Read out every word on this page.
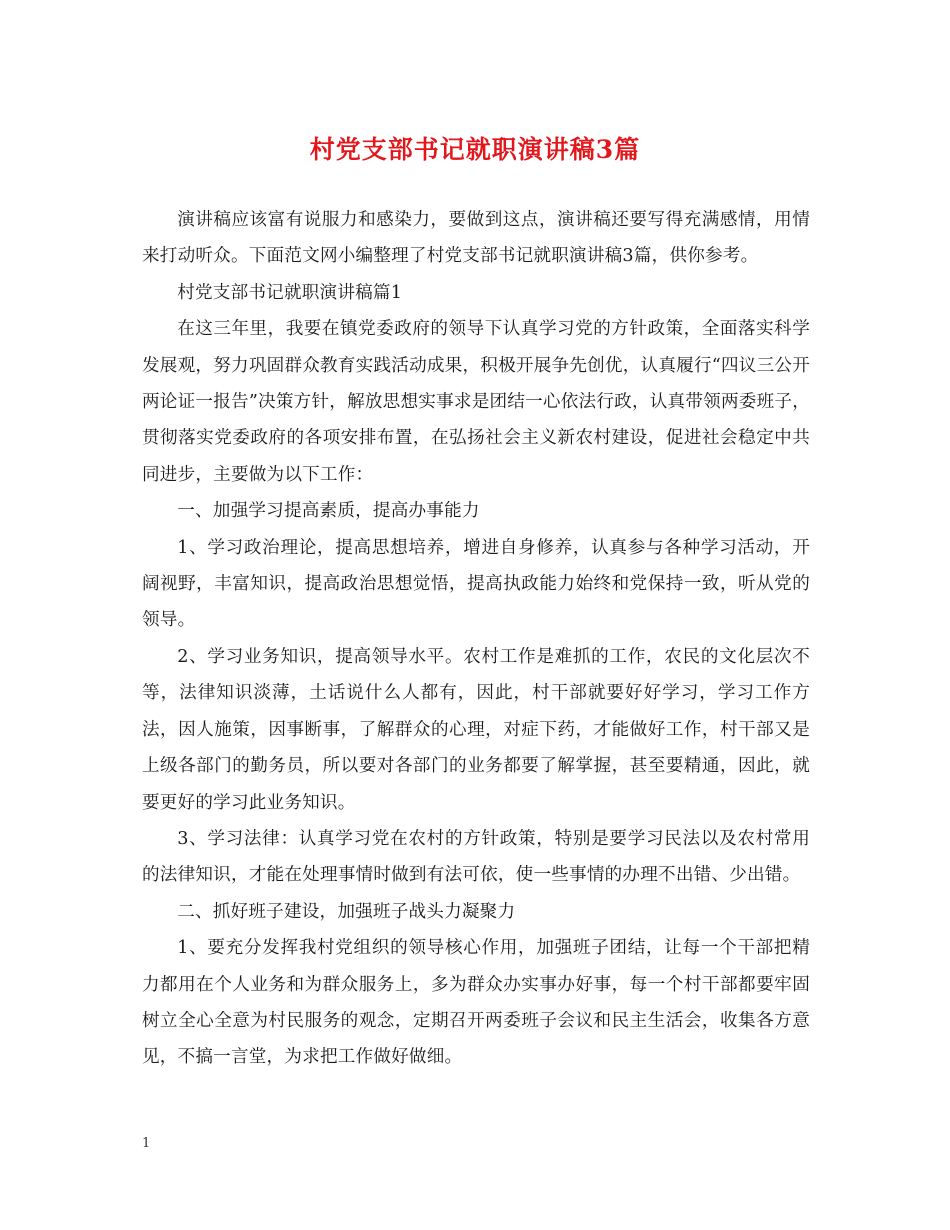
村党支部书记就职演讲稿3篇

演讲稿应该富有说服力和感染力，要做到这点，演讲稿还要写得充满感情，用情来打动听众。下面范文网小编整理了村党支部书记就职演讲稿3篇，供你参考。

村党支部书记就职演讲稿篇1

在这三年里，我要在镇党委政府的领导下认真学习党的方针政策，全面落实科学发展观，努力巩固群众教育实践活动成果，积极开展争先创优，认真履行“四议三公开两论证一报告”决策方针，解放思想实事求是团结一心依法行政，认真带领两委班子，贯彻落实党委政府的各项安排布置，在弘扬社会主义新农村建设，促进社会稳定中共同进步，主要做为以下工作：

一、加强学习提高素质，提高办事能力

1、学习政治理论，提高思想培养，增进自身修养，认真参与各种学习活动，开阔视野，丰富知识，提高政治思想觉悟，提高执政能力始终和党保持一致，听从党的领导。

2、学习业务知识，提高领导水平。农村工作是难抓的工作，农民的文化层次不等，法律知识淡薄，土话说什么人都有，因此，村干部就要好好学习，学习工作方法，因人施策，因事断事，了解群众的心理，对症下药，才能做好工作，村干部又是上级各部门的勤务员，所以要对各部门的业务都要了解掌握，甚至要精通，因此，就要更好的学习此业务知识。

3、学习法律：认真学习党在农村的方针政策，特别是要学习民法以及农村常用的法律知识，才能在处理事情时做到有法可依，使一些事情的办理不出错、少出错。

二、抓好班子建设，加强班子战头力凝聚力

1、要充分发挥我村党组织的领导核心作用，加强班子团结，让每一个干部把精力都用在个人业务和为群众服务上，多为群众办实事办好事，每一个村干部都要牢固树立全心全意为村民服务的观念，定期召开两委班子会议和民主生活会，收集各方意见，不搞一言堂，为求把工作做好做细。

1
